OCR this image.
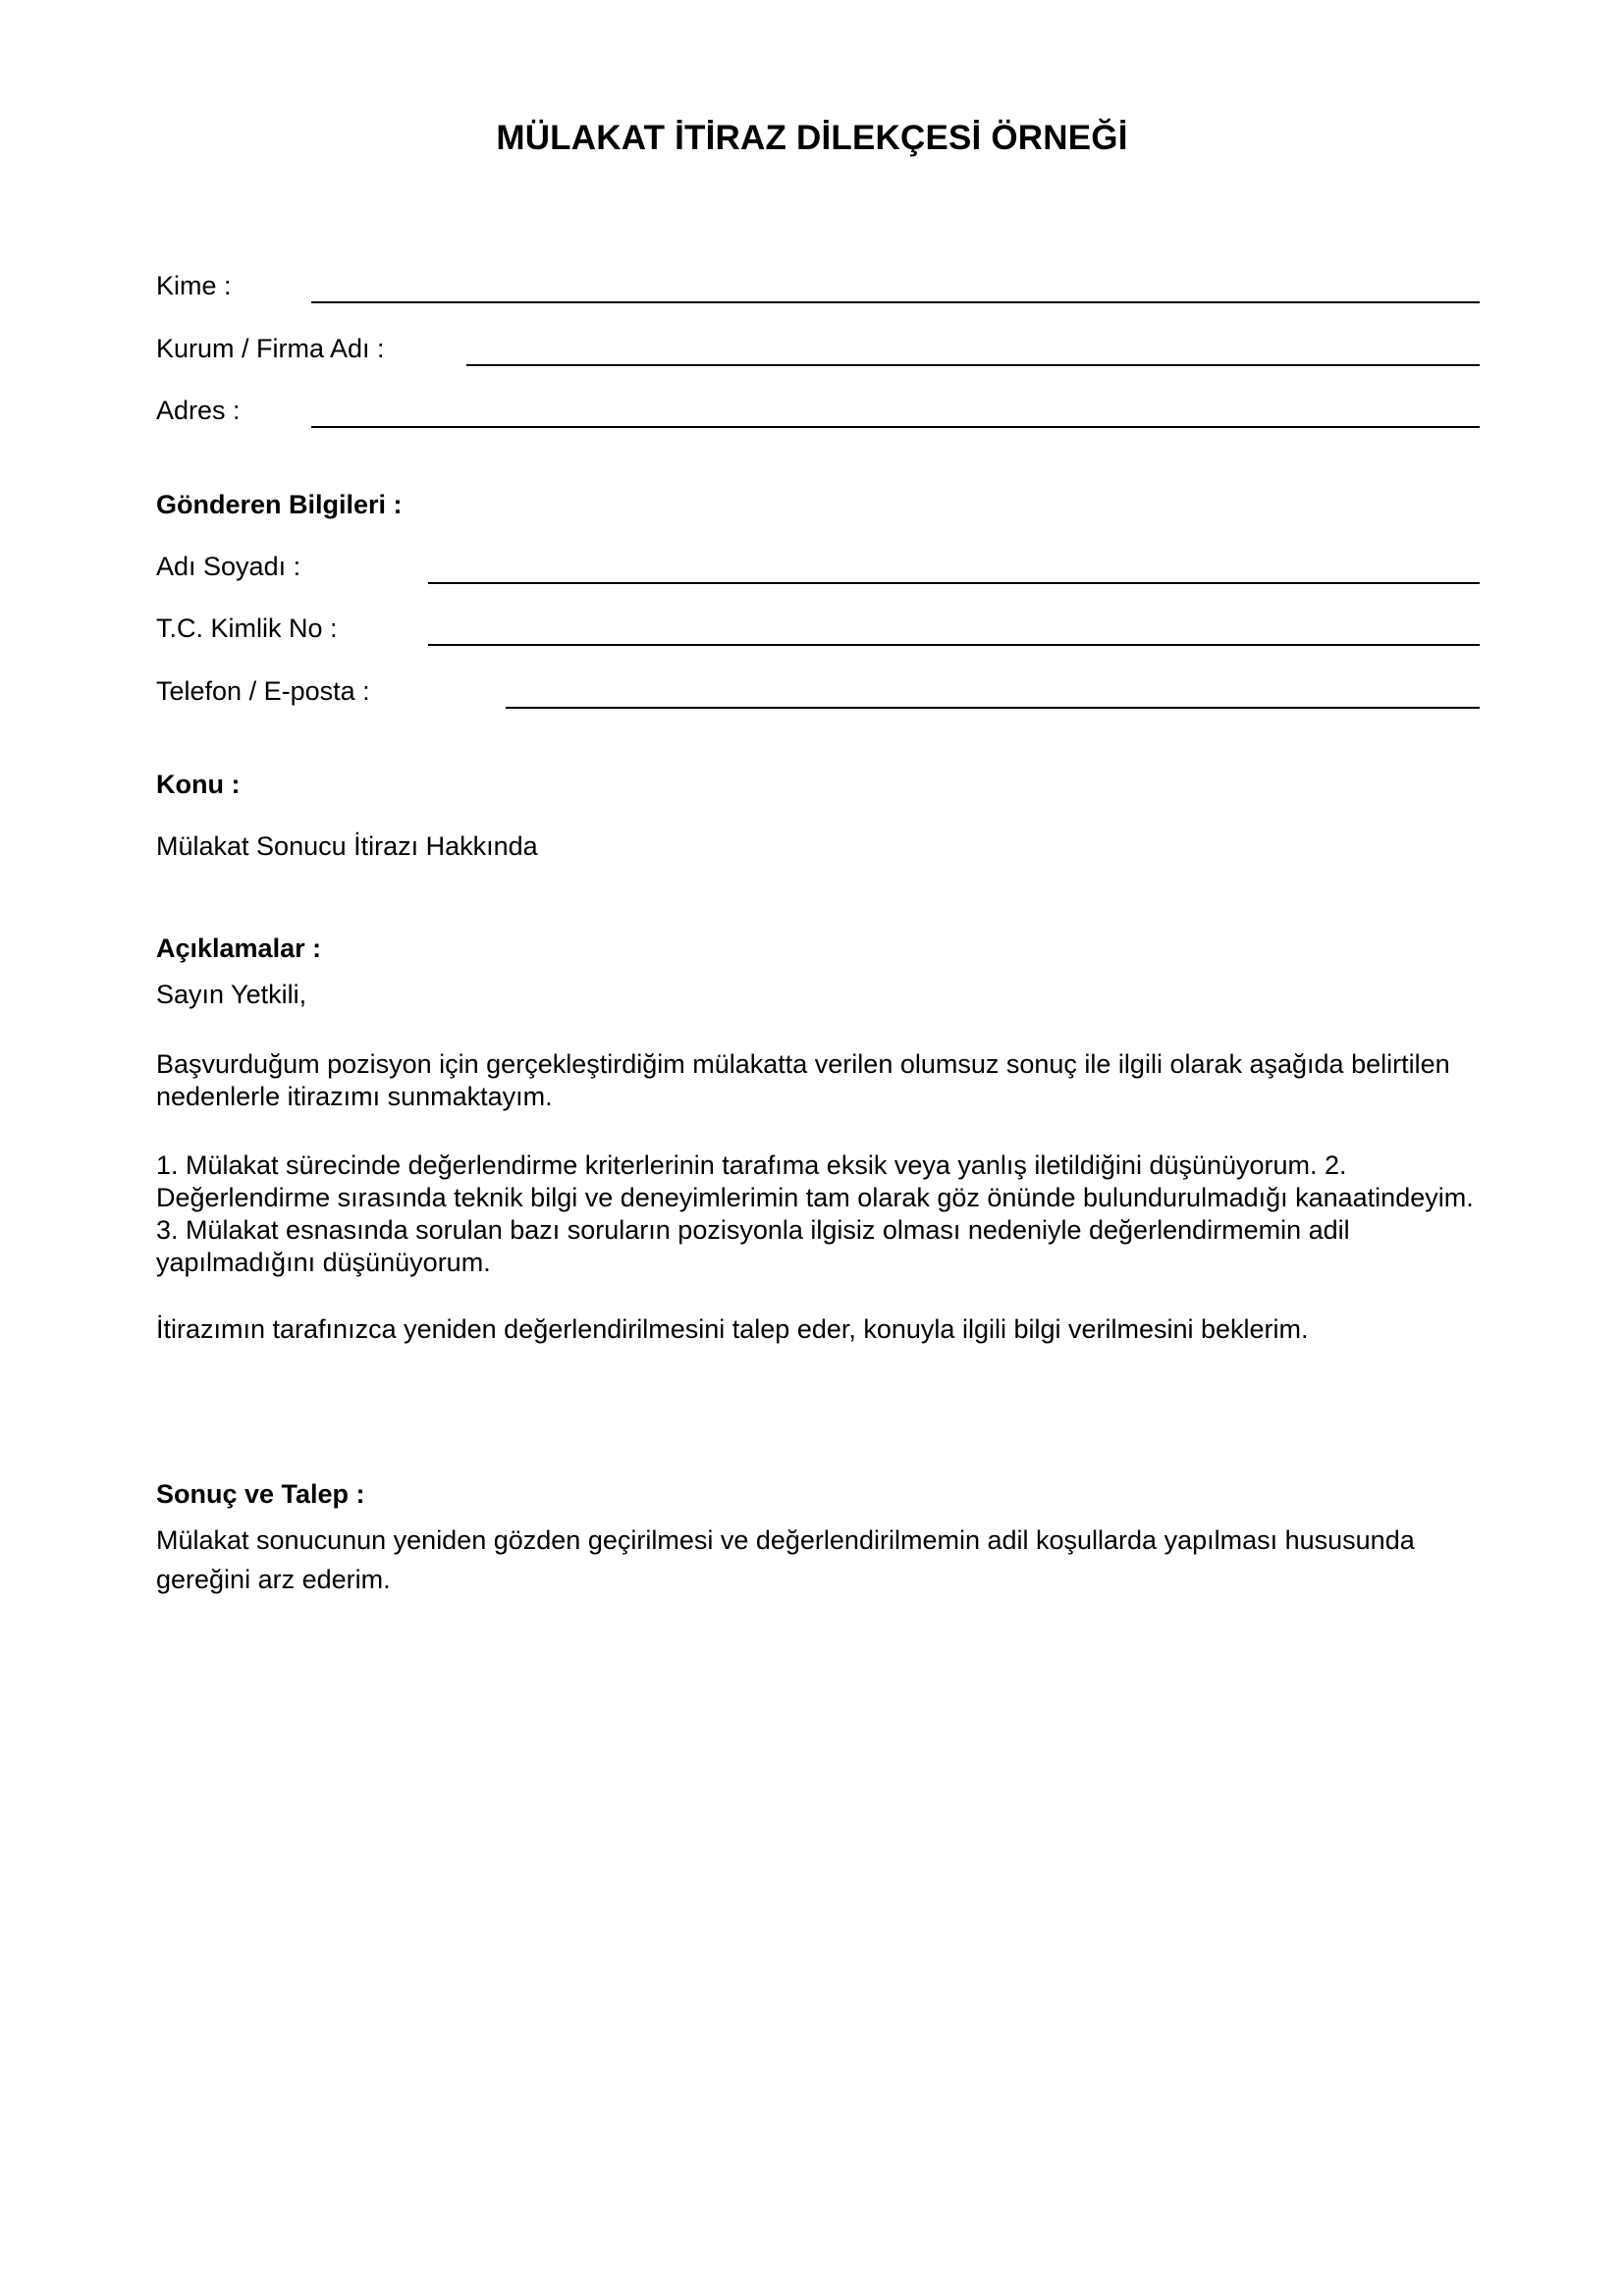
MÜLAKAT İTİRAZ DİLEKÇESİ ÖRNEĞİ
Kime :
Kurum / Firma Adı :
Adres :
Gönderen Bilgileri :
Adı Soyadı :
T.C. Kimlik No :
Telefon / E-posta :
Konu :
Mülakat Sonucu İtirazı Hakkında
Açıklamalar :
Sayın Yetkili,
Başvurduğum pozisyon için gerçekleştirdiğim mülakatta verilen olumsuz sonuç ile ilgili olarak aşağıda belirtilen nedenlerle itirazımı sunmaktayım.
1. Mülakat sürecinde değerlendirme kriterlerinin tarafıma eksik veya yanlış iletildiğini düşünüyorum. 2. Değerlendirme sırasında teknik bilgi ve deneyimlerimin tam olarak göz önünde bulundurulmadığı kanaatindeyim. 3. Mülakat esnasında sorulan bazı soruların pozisyonla ilgisiz olması nedeniyle değerlendirmemin adil yapılmadığını düşünüyorum.
İtirazımın tarafınızca yeniden değerlendirilmesini talep eder, konuyla ilgili bilgi verilmesini beklerim.
Sonuç ve Talep :
Mülakat sonucunun yeniden gözden geçirilmesi ve değerlendirilmemin adil koşullarda yapılması hususunda gereğini arz ederim.
